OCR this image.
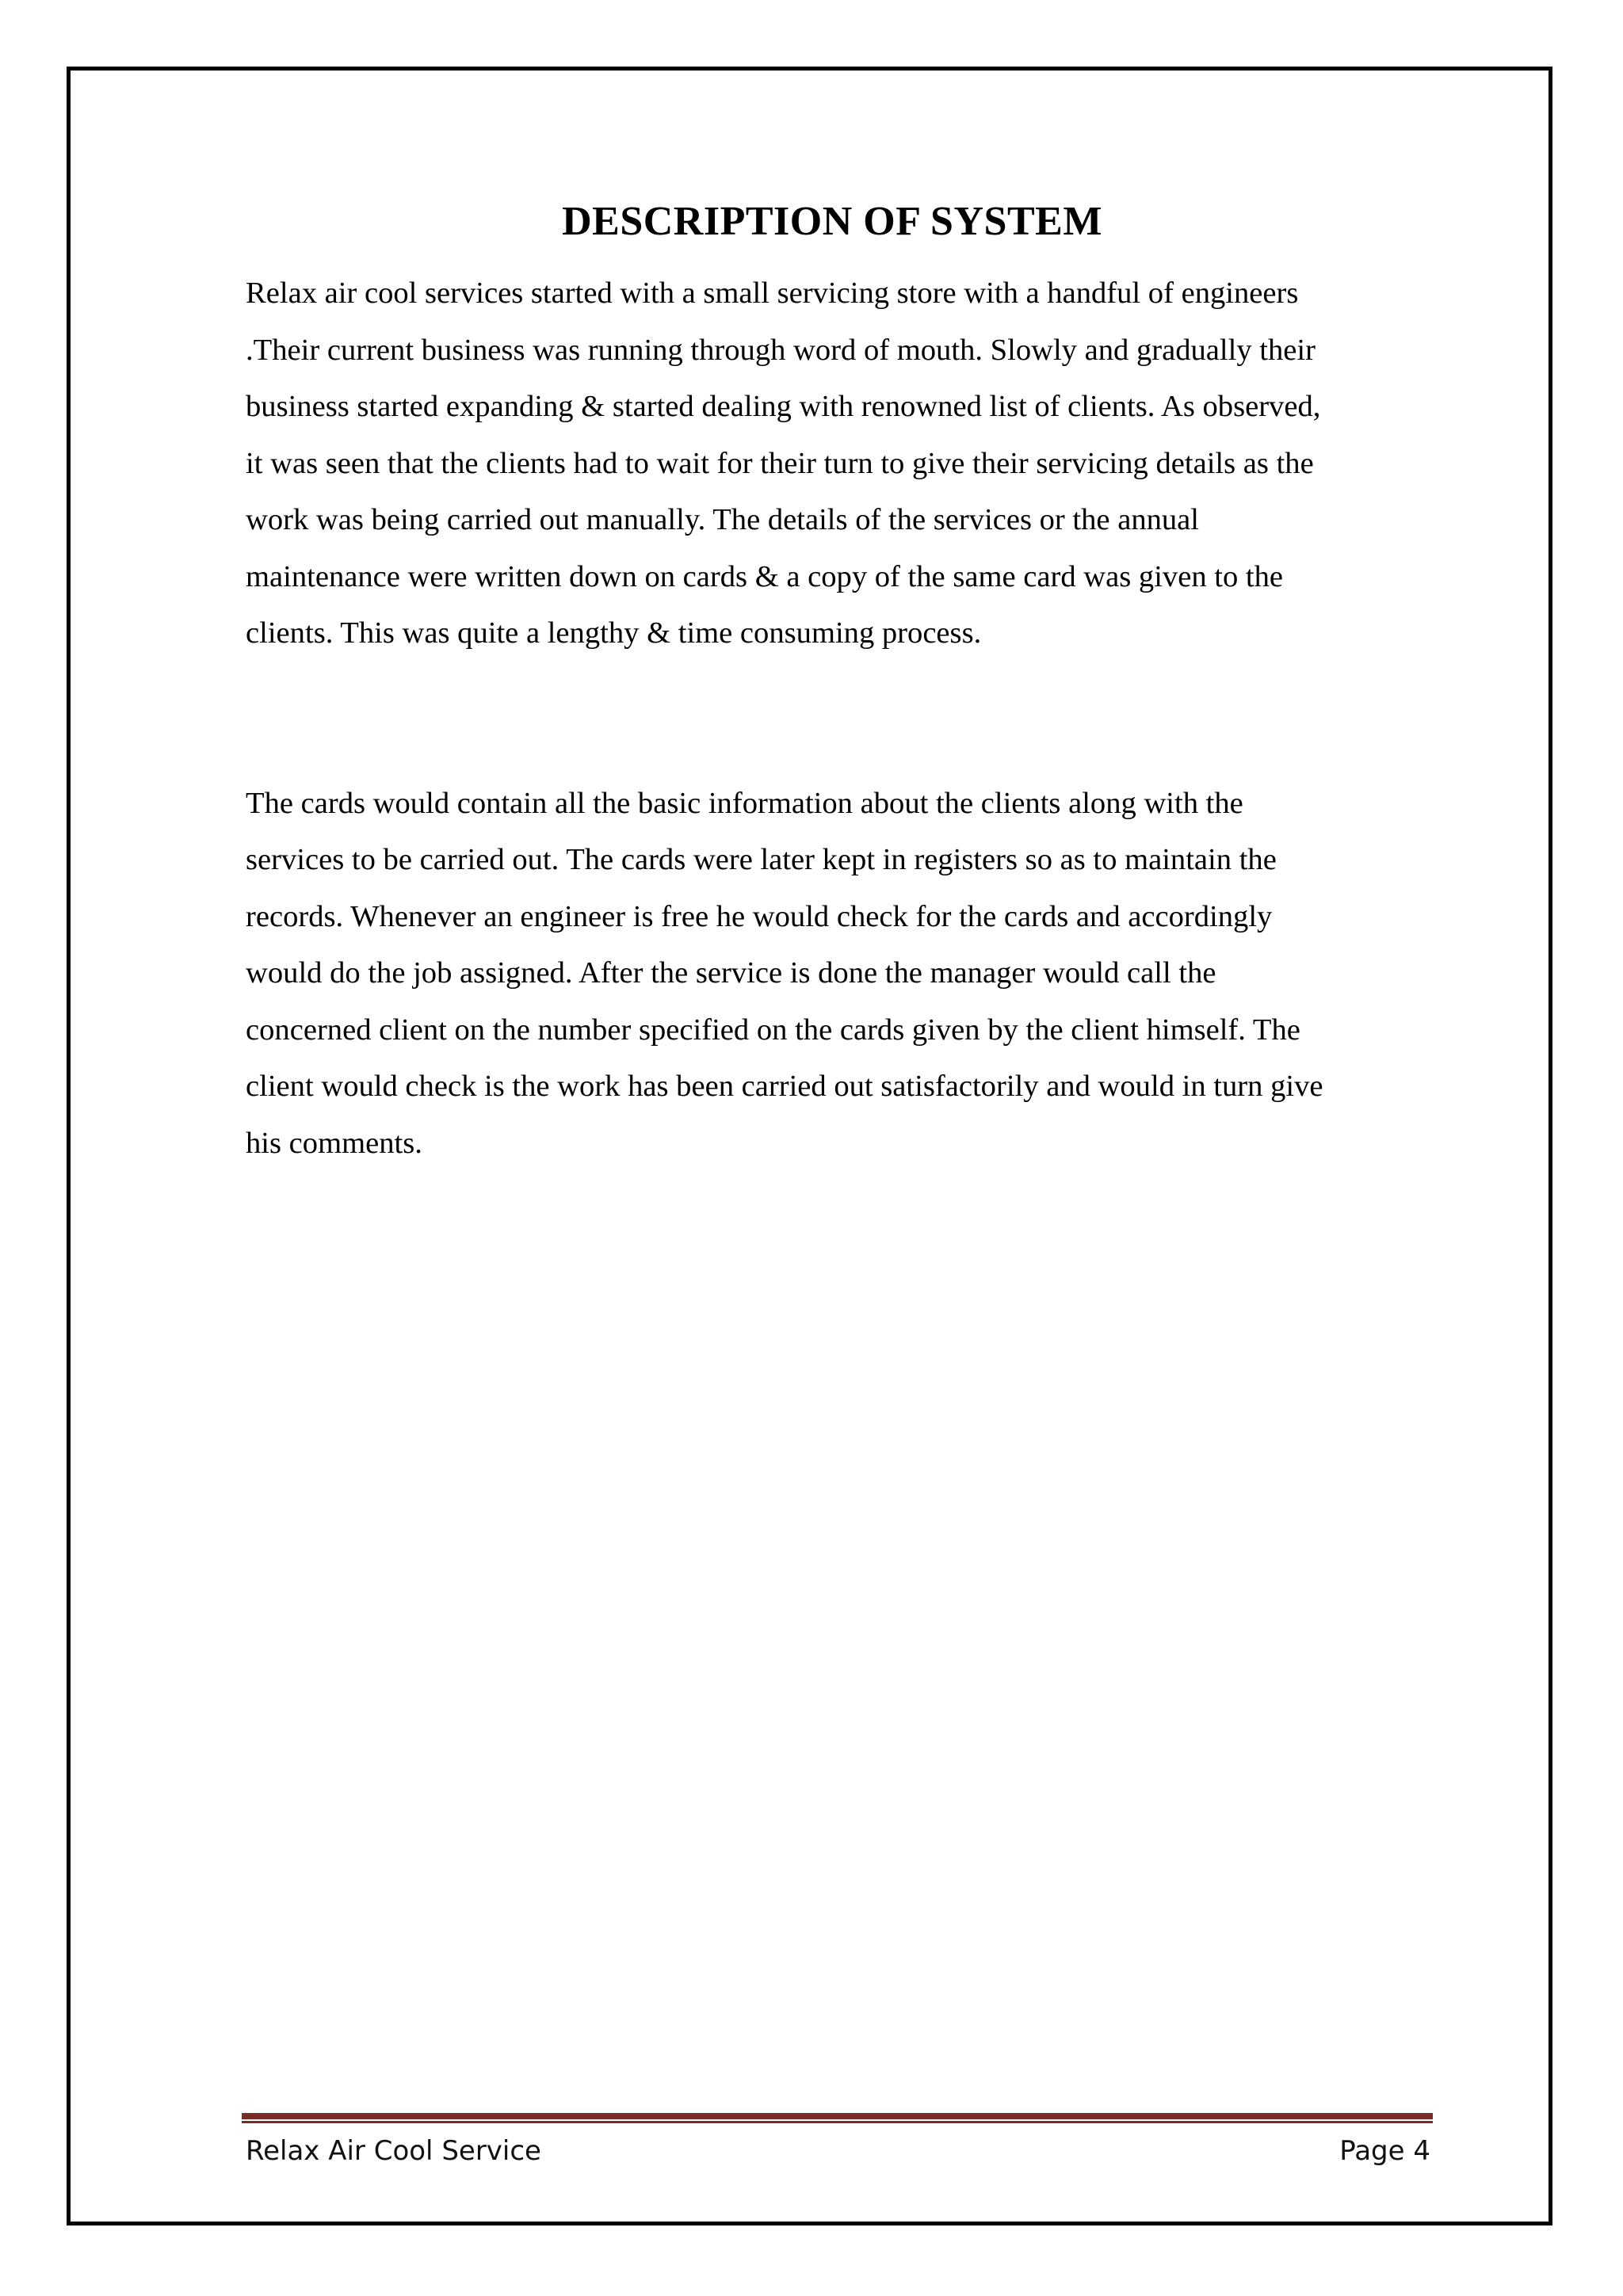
DESCRIPTION OF SYSTEM

Relax air cool services started with a small servicing store with a handful of engineers
.Their current business was running through word of mouth. Slowly and gradually their
business started expanding & started dealing with renowned list of clients. As observed,
it was seen that the clients had to wait for their turn to give their servicing details as the
work was being carried out manually. The details of the services or the annual
maintenance were written down on cards & a copy of the same card was given to the
clients. This was quite a lengthy & time consuming process.

The cards would contain all the basic information about the clients along with the
services to be carried out. The cards were later kept in registers so as to maintain the
records. Whenever an engineer is free he would check for the cards and accordingly
would do the job assigned. After the service is done the manager would call the
concerned client on the number specified on the cards given by the client himself. The
client would check is the work has been carried out satisfactorily and would in turn give
his comments.

Relax Air Cool Service	Page 4
